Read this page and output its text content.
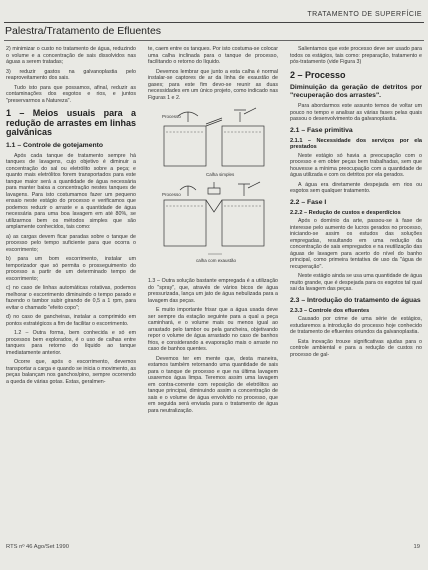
TRATAMENTO DE SUPERFÍCIE
Palestra/Tratamento de Efluentes

2) minimizar o custo no tratamento de água, reduzindo o volume e a concentração de sais dissolvidos nas águas a serem tratadas;

3) reduzir gastos na galvanoplastia pelo reaproveitamento dos sais.

Tudo isto para que possamos, afinal, reduzir as contaminações dos esgotos e rios, e juntos "preservarmos a Natureza".

1 – Meios usuais para a redução de arrastes em linhas galvânicas
1.1 – Controle de gotejamento

Após cada tanque de tratamento sempre há tanques de lavagens, cujo objetivo é diminuir a concentração do sal ou eletrólito sobre a peça; e quanto mais eletrólitos forem transportados para este tanque maior será a quantidade de água necessária para manter baixa a concentração nestes tanques de lavagens. Para isto costumamos fazer um pequeno ensaio neste estágio do processo e verificamos que podemos reduzir o arraste e a quantidade de água necessária para uma boa lavagem em até 80%, se utilizarmos bem os métodos simples que são amplamente conhecidos, tais como:

a) as cargas devem ficar paradas sobre o tanque de processo pelo tempo suficiente para que ocorra o escorrimento;

b) para um bom escorrimento, instalar um temporizador que só permita o prosseguimento do processo a partir de um determinado tempo de escorrimento;

c) no caso de linhas automáticas rotativas, podemos melhorar o escorrimento diminuindo o tempo parado e fazendo o tambor subir girando de 0,5 a 1 rpm, para evitar o chamado "efeito copo";

d) no caso de gancheiras, instalar a comprimido em pontos estratégicos a fim de facilitar o escorrimento.

1.2 – Outra forma, bem conhecida e só em processos bem explorados, é o uso de calhas entre tanques para retorno do líquido ao tanque imediatamente anterior.

Ocorre que, após o escorrimento, devemos transportar a carga e quando se inicia o movimento, as peças balançam nos ganchos/pino, sempre ocorrendo a queda de várias gotas. Estas, geralmen-

te, caem entre os tanques. Por isto costuma-se colocar uma calha inclinada para o tanque de processo, facilitando o retorno do líquido.

Devemos lembrar que junto a esta calha é normal instalar-se captores de ar da linha de exaustão de gases; para este fim devo-se reunir as duas necessidades em um único projeto, como indicado nas Figuras 1 e 2.

Processo
Calha simples
Processo
calha com exaustão

1.3 – Outra solução bastante empregada é a utilização do "spray", que, através de vários bicos de água pressurizada, lança um jato de água nebulizada para a lavagem das peças.

E muito importante frisar que a água usada deve ser sempre da estação seguinte para a qual a peça caminhará, e o volume mais ou menos igual ao arrastado pelo tambor ou pela gancheira, objetivando repor o volume de água arrastado no caso de banhos frios, e considerando a evaporação mais o arraste no caso de banhos quentes.

Devemos ter em mente que, desta maneira, estamos também retornando uma quantidade de sais para o tanque de processo e que na última lavagem usaremos água limpa. Teremos assim uma lavagem em contra-corrente com reposição de eletrólitos ao tanque principal, diminuindo assim a concentração de sais e o volume de água envolvido no processo, que em seguida será enviada para o tratamento de água para neutralização.

Salientamos que este processo deve ser usado para todos os estágios, tais como: preparação, tratamento e pós-tratamento (vide Figura 3)

2 – Processo
Diminuição da geração de detritos por "recuperação dos arrastes".

Para abordarmos este assunto temos de voltar um pouco no tempo e analisar as várias fases pelas quais passou o desenvolvimento da galvanoplastia.

2.1 – Fase primitiva
2.1.1 – Necessidade dos serviços por ela prestados

Neste estágio só havia a preocupação com o processo e em obter peças bem trabalhadas, sem que houvesse a mínima preocupação com a quantidade de água utilizada e com os detritos por ela gerados.

A água era diretamente despejada em rios ou esgotos sem qualquer tratamento.

2.2 – Fase I
2.2.2 – Redução de custos e desperdícios

Após o domínio da arte, passou-se à fase de interesse pelo aumento de lucros gerados no processo, iniciando-se assim os estudos das soluções empregadas, resultando em uma redução da concentração de sais empregados e na reutilização das águas de lavagem para acerto do nível do banho principal, como primeira tentativa de uso da "água de recuperação".

Neste estágio ainda se usa uma quantidade de água muito grande, que é despejada para os esgotos tal qual sai da lavagem das peças.

2.3 – Introdução do tratamento de águas
2.3.3 – Controle dos efluentes

Causado por crime de uma série de estágios, estudaremos a introdução do processo hoje conhecido de tratamento de efluentes oriundos da galvanoplastia.

Esta inovação trouxe significativas ajudas para o controle ambiental e para a redução de custos no processo de gal-

RTS nº 46 Ago/Set 1990	19
